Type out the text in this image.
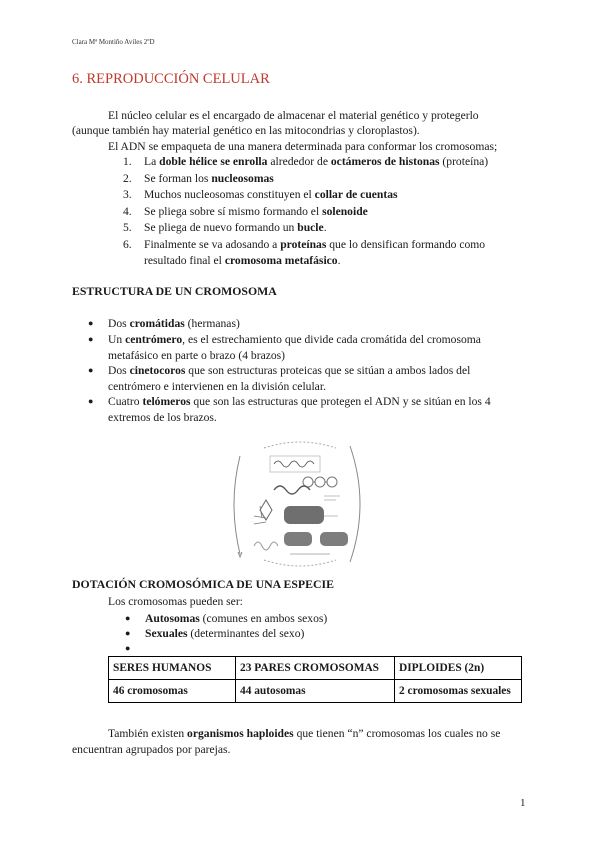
Clara Mª Montiño Aviles 2ºD
6. REPRODUCCIÓN CELULAR
El núcleo celular es el encargado de almacenar el material genético y protegerlo
(aunque también hay material genético en las mitocondrias y cloroplastos).
El ADN se empaqueta de una manera determinada para conformar los cromosomas;
1. La doble hélice se enrolla alrededor de octámeros de histonas (proteína)
2. Se forman los nucleosomas
3. Muchos nucleosomas constituyen el collar de cuentas
4. Se pliega sobre sí mismo formando el solenoide
5. Se pliega de nuevo formando un bucle.
6. Finalmente se va adosando a proteínas que lo densifican formando como
resultado final el cromosoma metafásico.
ESTRUCTURA DE UN CROMOSOMA
● Dos cromátidas (hermanas)
● Un centrómero, es el estrechamiento que divide cada cromátida del cromosoma
metafásico en parte o brazo (4 brazos)
● Dos cinetocoros que son estructuras proteicas que se sitúan a ambos lados del
centrómero e intervienen en la división celular.
● Cuatro telómeros que son las estructuras que protegen el ADN y se sitúan en los 4
extremos de los brazos.
DOTACIÓN CROMOSÓMICA DE UNA ESPECIE
Los cromosomas pueden ser:
● Autosomas (comunes en ambos sexos)
● Sexuales (determinantes del sexo)
●
SERES HUMANOS	23 PARES CROMOSOMAS	DIPLOIDES (2n)
46 cromosomas	44 autosomas	2 cromosomas sexuales
También existen organismos haploides que tienen “n” cromosomas los cuales no se
encuentran agrupados por parejas.
1
